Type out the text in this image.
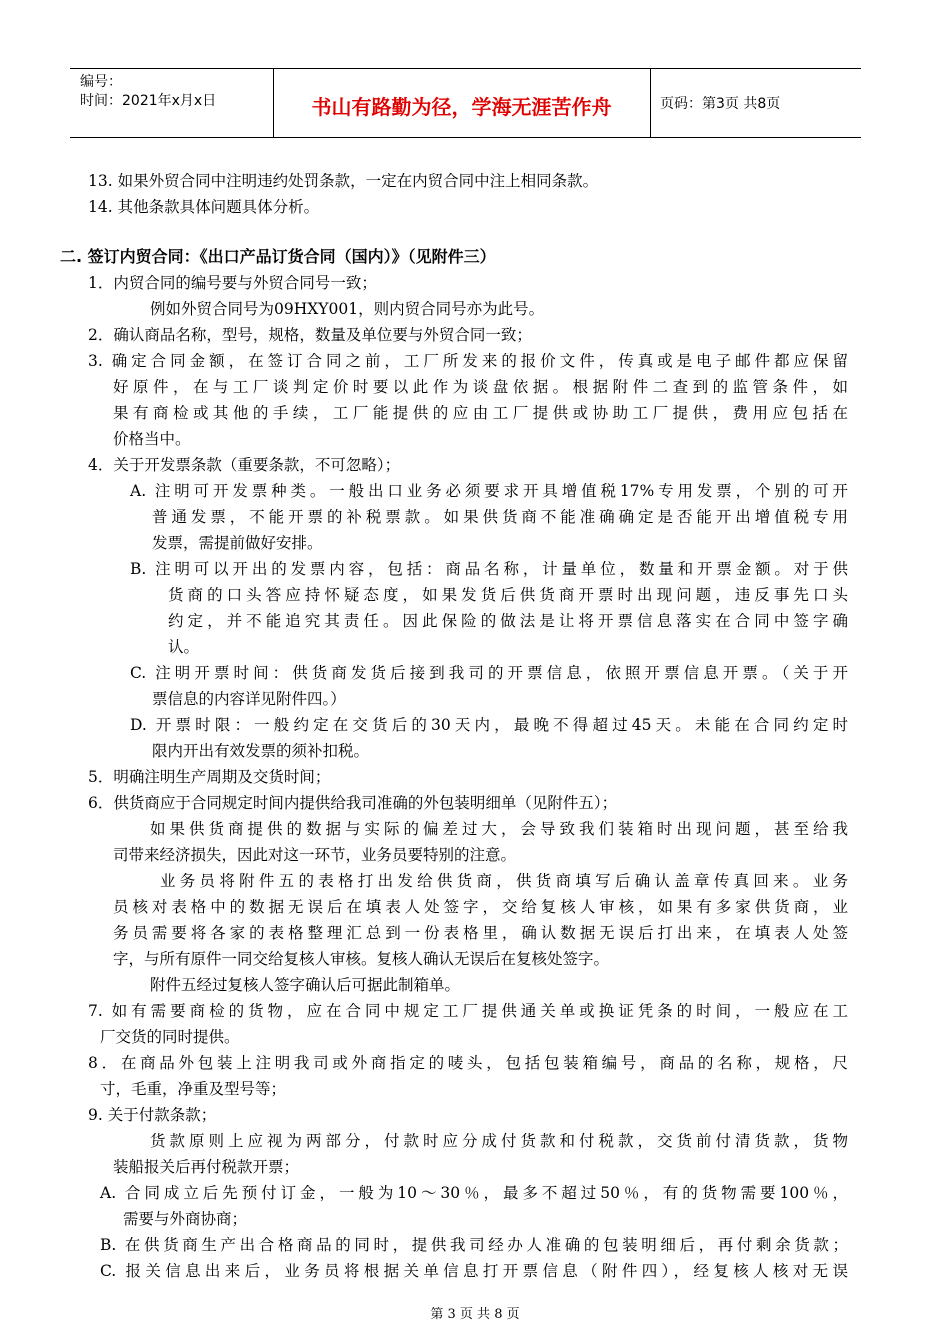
编号：
时间：2021年x月x日	书山有路勤为径，学海无涯苦作舟	页码：第3页 共8页
13. 如果外贸合同中注明违约处罚条款，一定在内贸合同中注上相同条款。
14. 其他条款具体问题具体分析。
二. 签订内贸合同：《出口产品订货合同（国内）》（见附件三）
1．内贸合同的编号要与外贸合同号一致；
例如外贸合同号为09HXY001，则内贸合同号亦为此号。
2．确认商品名称，型号，规格，数量及单位要与外贸合同一致；
3. 确定合同金额，在签订合同之前，工厂所发来的报价文件，传真或是电子邮件都应保留
好原件，在与工厂谈判定价时要以此作为谈盘依据。根据附件二查到的监管条件，如
果有商检或其他的手续，工厂能提供的应由工厂提供或协助工厂提供，费用应包括在
价格当中。
4．关于开发票条款（重要条款，不可忽略）；
A. 注明可开发票种类。一般出口业务必须要求开具增值税17%专用发票，个别的可开
普通发票，不能开票的补税票款。如果供货商不能准确确定是否能开出增值税专用
发票，需提前做好安排。
B. 注明可以开出的发票内容，包括：商品名称，计量单位，数量和开票金额。对于供
货商的口头答应持怀疑态度，如果发货后供货商开票时出现问题，违反事先口头
约定，并不能追究其责任。因此保险的做法是让将开票信息落实在合同中签字确
认。
C. 注明开票时间：供货商发货后接到我司的开票信息，依照开票信息开票。（关于开
票信息的内容详见附件四。）
D. 开票时限：一般约定在交货后的30天内，最晚不得超过45天。未能在合同约定时
限内开出有效发票的须补扣税。
5．明确注明生产周期及交货时间；
6．供货商应于合同规定时间内提供给我司准确的外包装明细单（见附件五）；
如果供货商提供的数据与实际的偏差过大，会导致我们装箱时出现问题，甚至给我
司带来经济损失，因此对这一环节，业务员要特别的注意。
业务员将附件五的表格打出发给供货商，供货商填写后确认盖章传真回来。业务
员核对表格中的数据无误后在填表人处签字，交给复核人审核，如果有多家供货商，业
务员需要将各家的表格整理汇总到一份表格里，确认数据无误后打出来，在填表人处签
字，与所有原件一同交给复核人审核。复核人确认无误后在复核处签字。
附件五经过复核人签字确认后可据此制箱单。
7. 如有需要商检的货物，应在合同中规定工厂提供通关单或换证凭条的时间，一般应在工
厂交货的同时提供。
8．在商品外包装上注明我司或外商指定的唛头，包括包装箱编号，商品的名称，规格，尺
寸，毛重，净重及型号等；
9. 关于付款条款；
货款原则上应视为两部分，付款时应分成付货款和付税款，交货前付清货款，货物
装船报关后再付税款开票；
A. 合同成立后先预付订金，一般为10～30％，最多不超过50％，有的货物需要100％，
需要与外商协商；
B. 在供货商生产出合格商品的同时，提供我司经办人准确的包装明细后，再付剩余货款；
C. 报关信息出来后，业务员将根据关单信息打开票信息（附件四），经复核人核对无误
第 3 页 共 8 页
